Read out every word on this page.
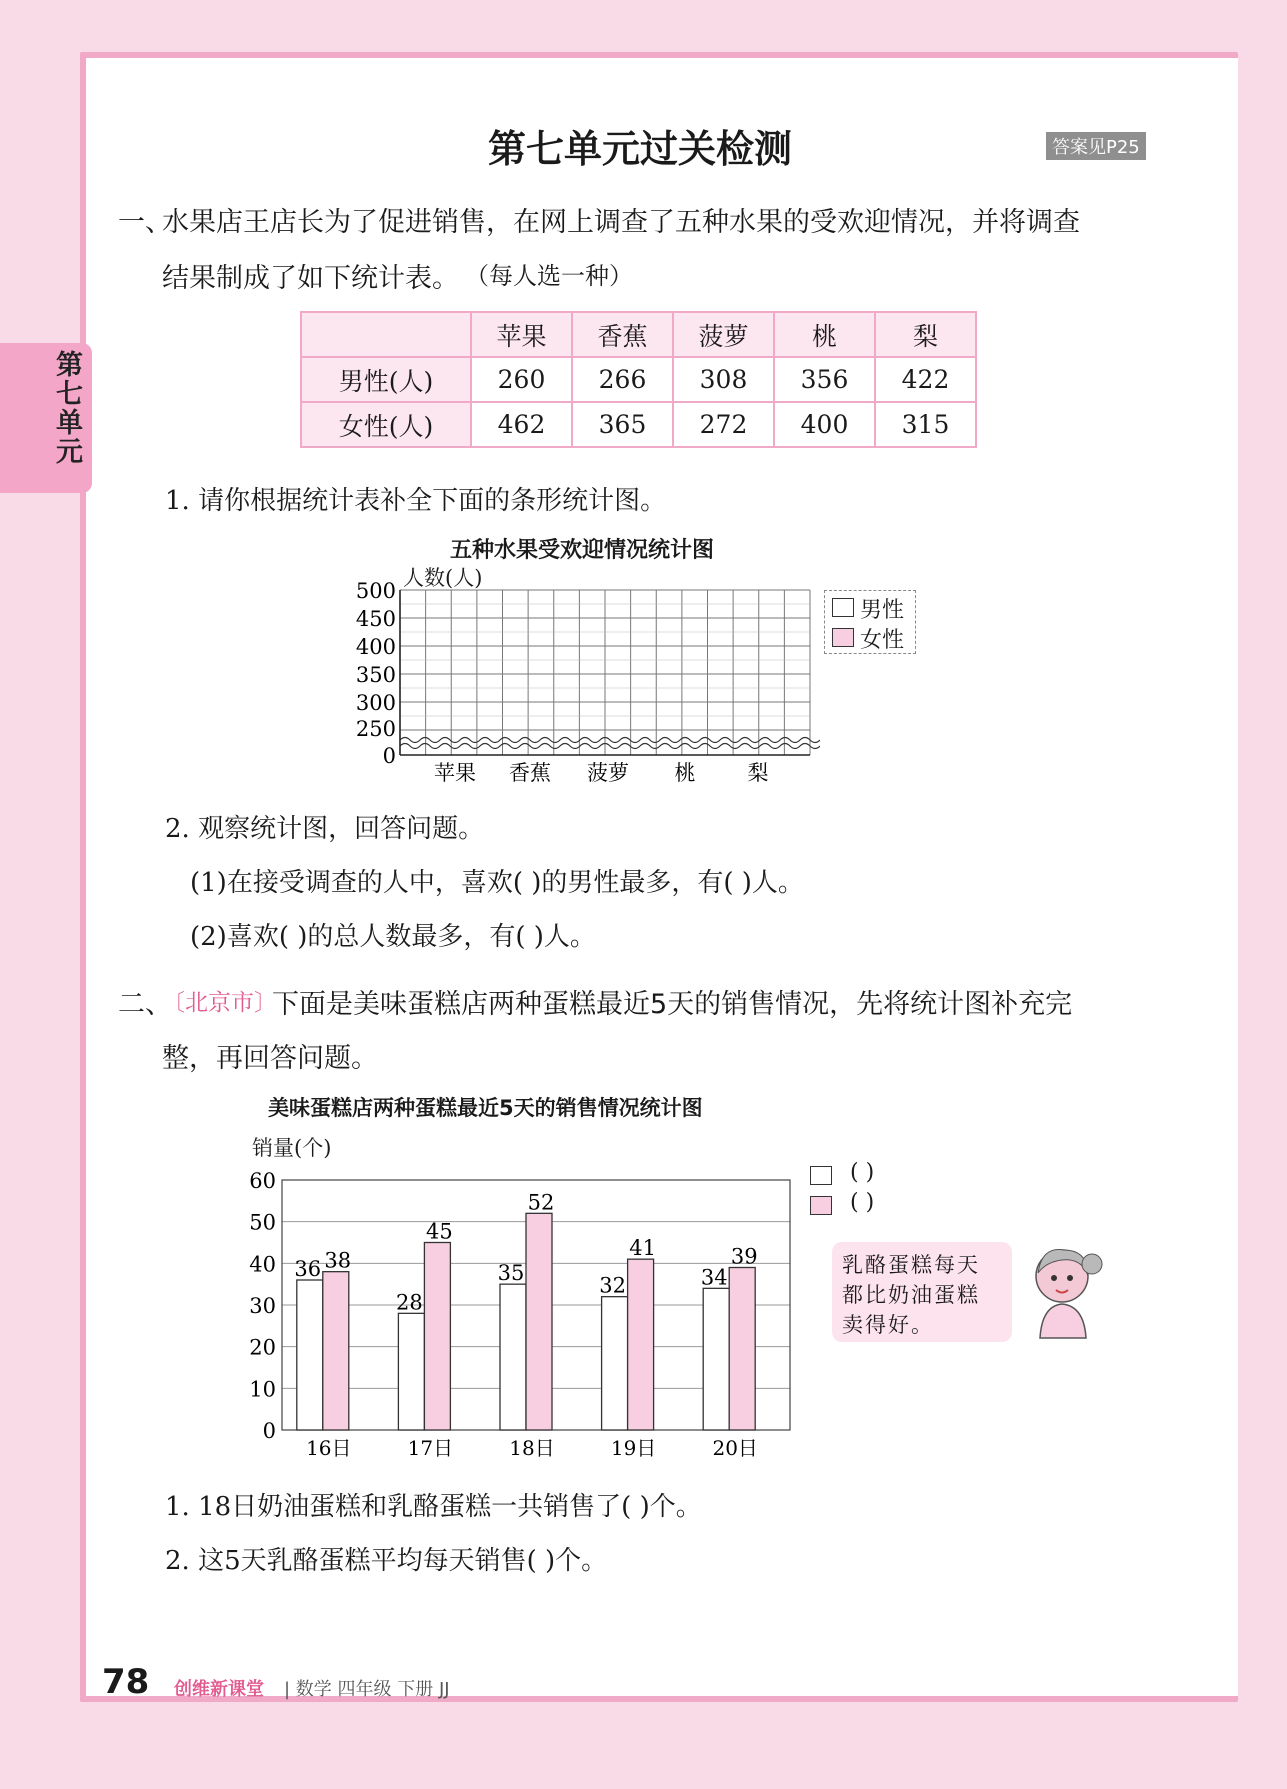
第七单元
第七单元过关检测	答案见P25
一、
水果店王店长为了促进销售，在网上调查了五种水果的受欢迎情况，并将调查
结果制成了如下统计表。 （每人选一种）
	苹果	香蕉	菠萝	桃	梨
男性(人)	260	266	308	356	422
女性(人)	462	365	272	400	315
1. 请你根据统计表补全下面的条形统计图。
五种水果受欢迎情况统计图
人数(人)
0
250
300
350
400
450
500
苹果 香蕉 菠萝 桃 梨
男性
女性
2. 观察统计图，回答问题。
(1)在接受调查的人中，喜欢( )的男性最多，有( )人。
(2)喜欢( )的总人数最多，有( )人。
二、
〔北京市〕
下面是美味蛋糕店两种蛋糕最近5天的销售情况，先将统计图补充完
整，再回答问题。
美味蛋糕店两种蛋糕最近5天的销售情况统计图
销量(个)
0
10
20
30
40
50
60
16日
36 38
17日
28
45
18日
35
52
19日
32
41
20日
34
39
( )
( )
乳酪蛋糕每天都比奶油蛋糕卖得好。
1. 18日奶油蛋糕和乳酪蛋糕一共销售了( )个。
2. 这5天乳酪蛋糕平均每天销售( )个。
78 创维新课堂 | 数学 四年级 下册 JJ
